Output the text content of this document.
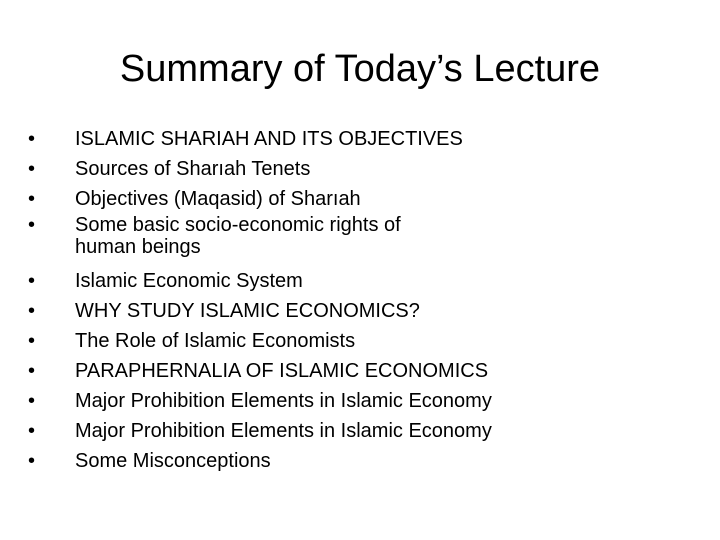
Summary of Today’s Lecture
•	ISLAMIC SHARIAH AND ITS OBJECTIVES
•	Sources of Sharıah Tenets
•	Objectives (Maqasid) of Sharıah
•	Some basic socio-economic rights of
human beings
•	Islamic Economic System
•	WHY STUDY ISLAMIC ECONOMICS?
•	The Role of Islamic Economists
•	PARAPHERNALIA OF ISLAMIC ECONOMICS
•	Major Prohibition Elements in Islamic Economy
•	Major Prohibition Elements in Islamic Economy
•	Some Misconceptions
